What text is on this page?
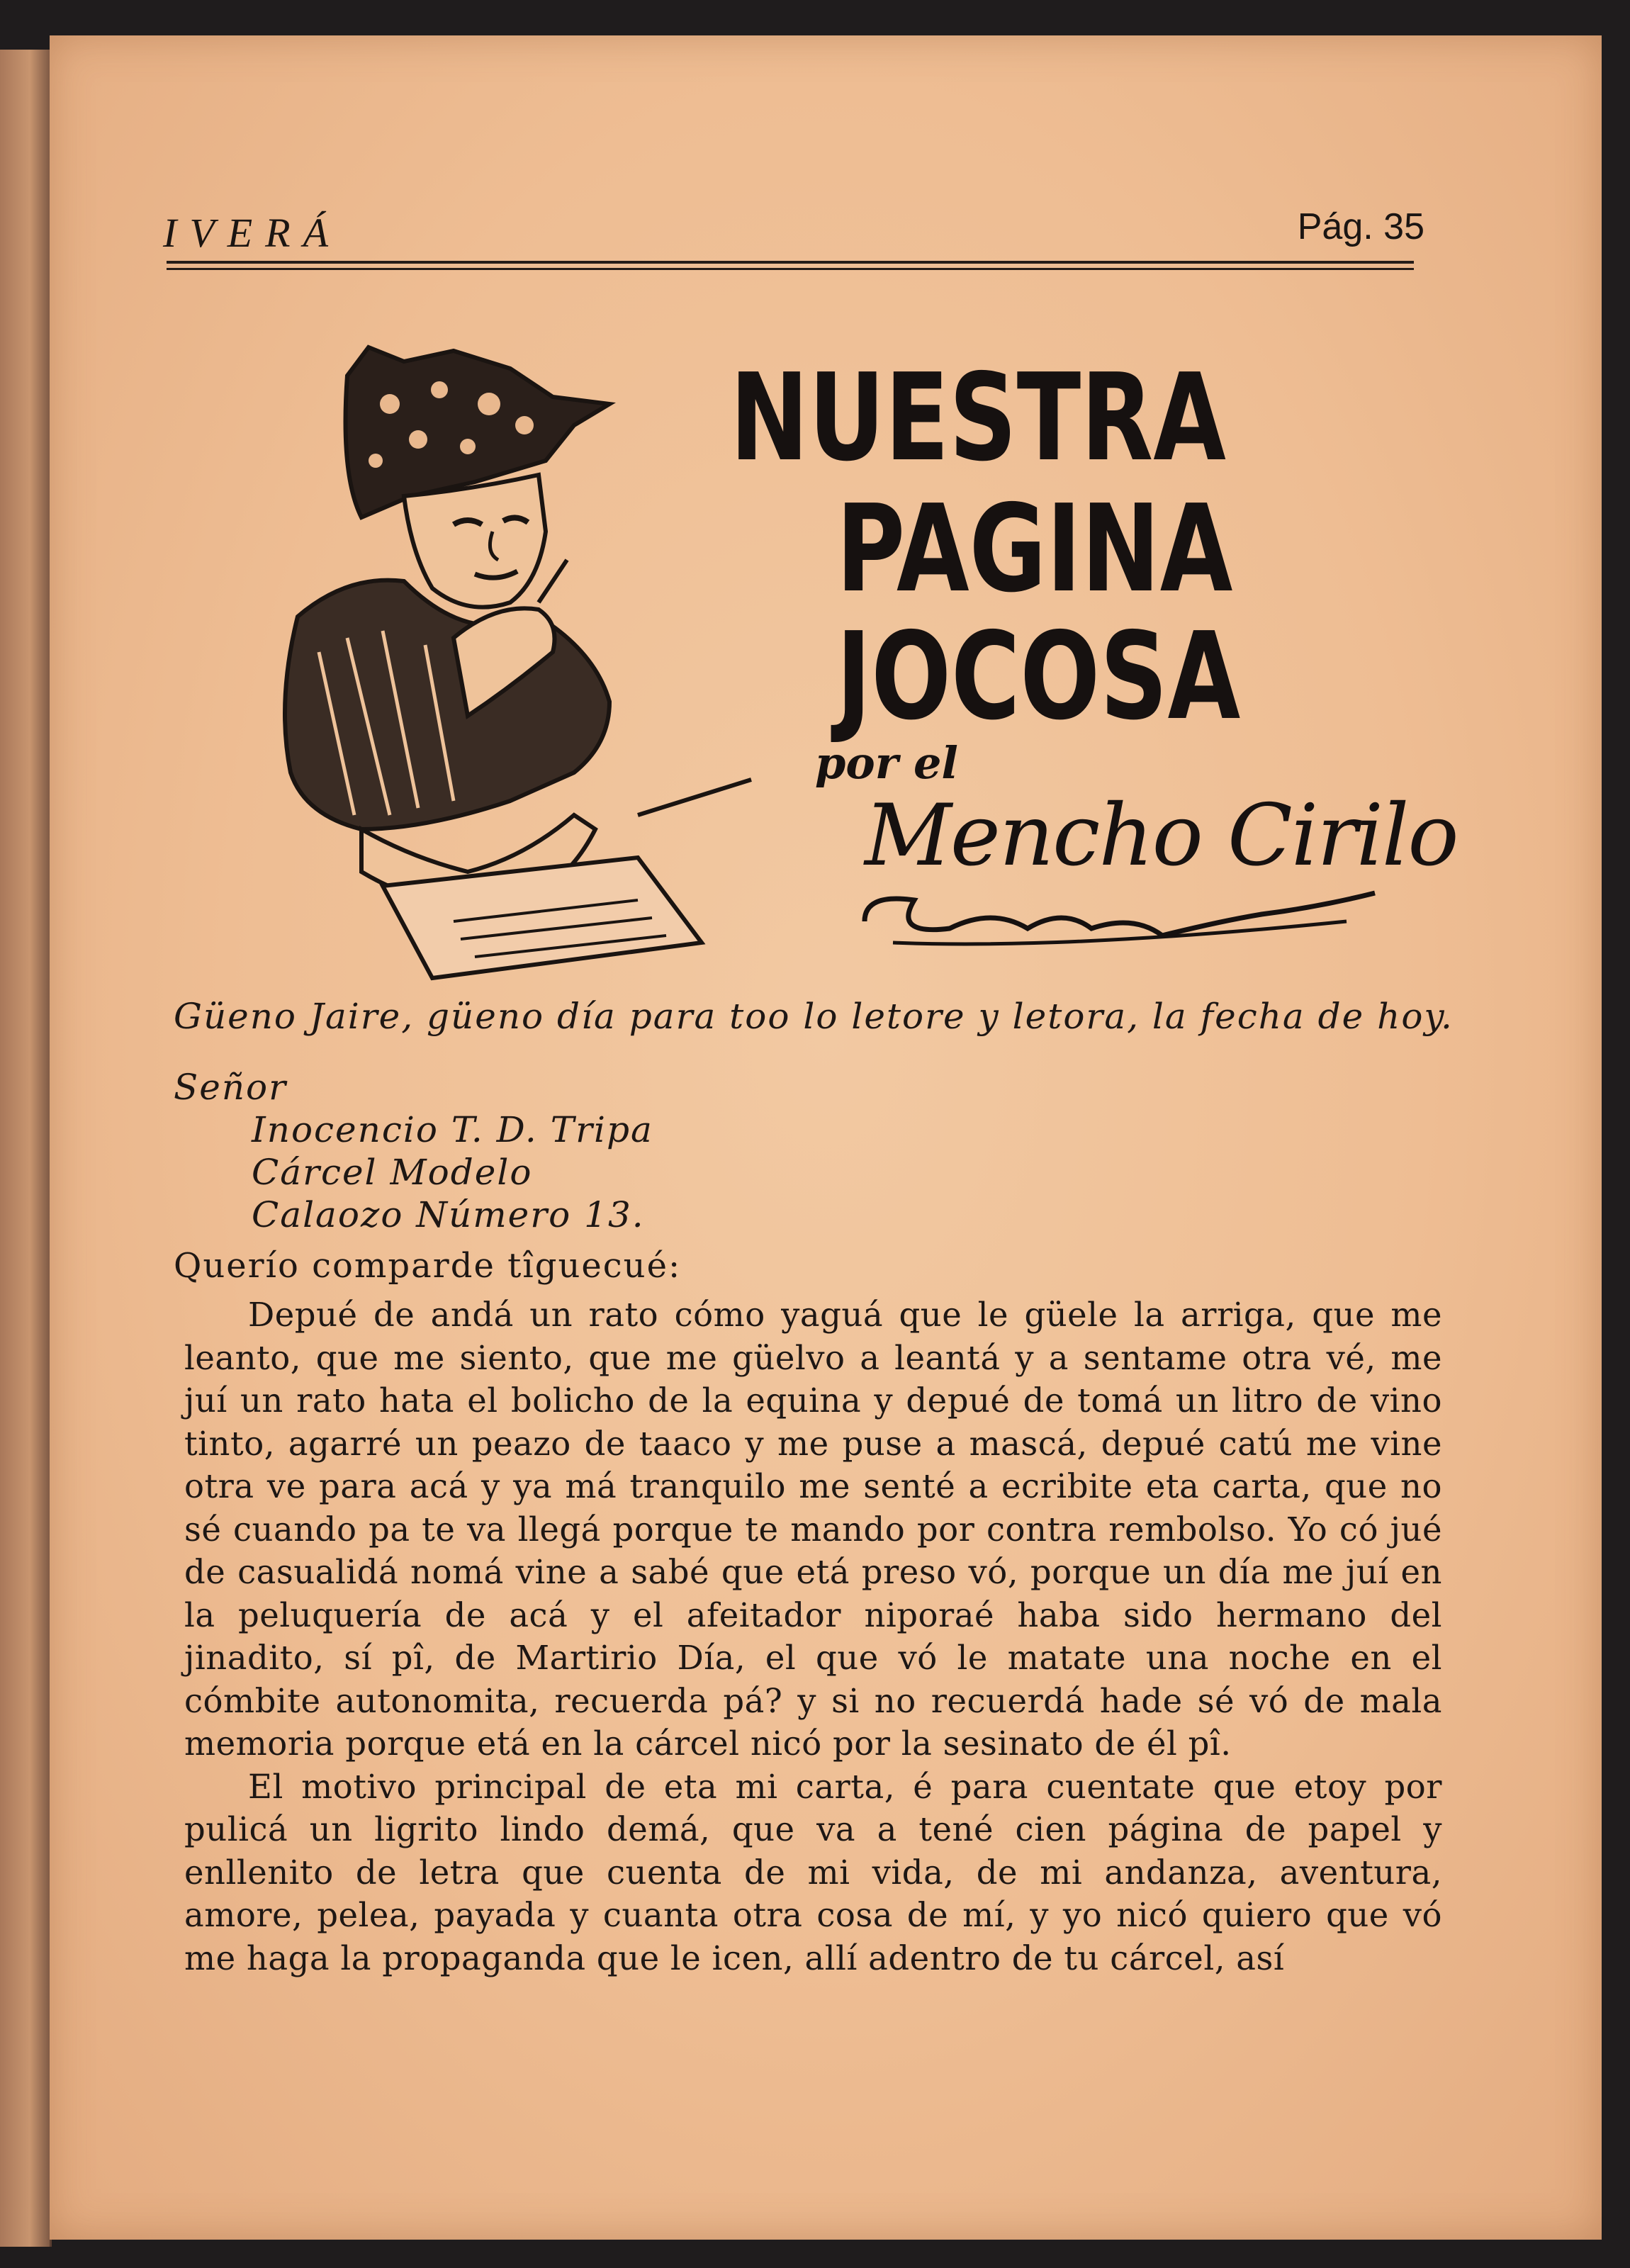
IVERÁ	Pág. 35
NUESTRA
PAGINA
JOCOSA
por el
Mencho Cirilo
Güeno Jaire, güeno día para too lo letore y letora, la fecha de hoy.
Señor
Inocencio T. D. Tripa
Cárcel Modelo
Calaozo Número 13.
Querío comparde tîguecué:

Depué de andá un rato cómo yaguá que le güele la arriga, que me leanto, que me siento, que me güelvo a leantá y a sentame otra vé, me juí un rato hata el bolicho de la equina y depué de tomá un litro de vino tinto, agarré un peazo de taaco y me puse a mascá, depué catú me vine otra ve para acá y ya má tranquilo me senté a ecribite eta carta, que no sé cuando pa te va llegá porque te mando por contra rembolso. Yo có jué de casualidá nomá vine a sabé que etá preso vó, porque un día me juí en la peluquería de acá y el afeitador niporaé haba sido hermano del jinadito, sí pî, de Martirio Día, el que vó le matate una noche en el cómbite autonomita, recuerda pá? y si no recuerdá hade sé vó de mala memoria porque etá en la cárcel nicó por la sesinato de él pî.

El motivo principal de eta mi carta, é para cuentate que etoy por pulicá un ligrito lindo demá, que va a tené cien página de papel y enllenito de letra que cuenta de mi vida, de mi andanza, aventura, amore, pelea, payada y cuanta otra cosa de mí, y yo nicó quiero que vó me haga la propaganda que le icen, allí adentro de tu cárcel, así
